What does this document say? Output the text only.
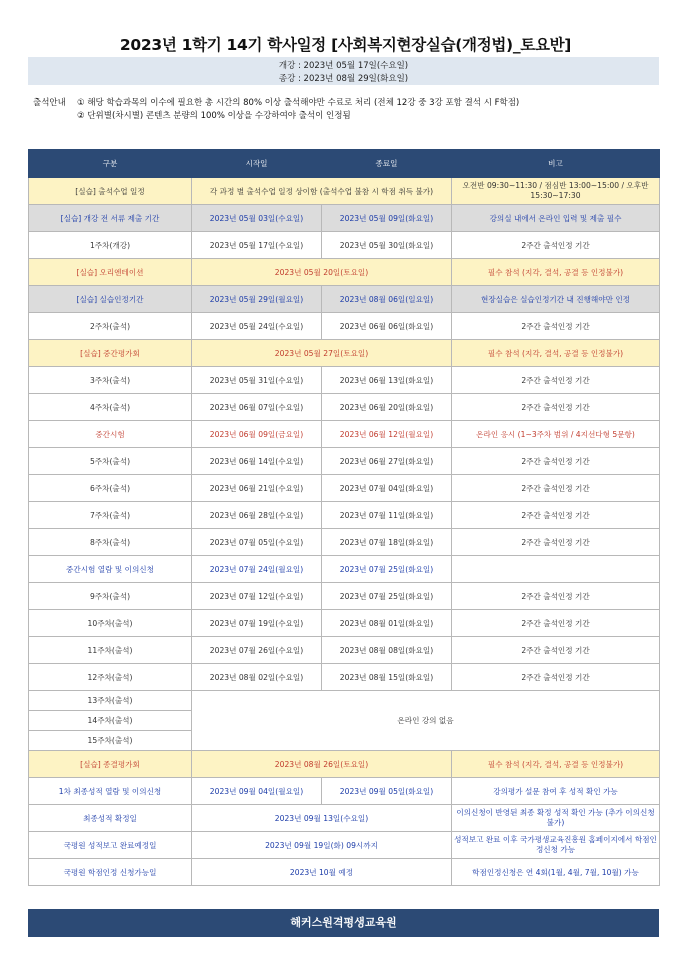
2023년 1학기 14기 학사일정 [사회복지현장실습(개정법)_토요반]
개강 : 2023년 05월 17일(수요일)
종강 : 2023년 08월 29일(화요일)
출석안내 ① 해당 학습과목의 이수에 필요한 총 시간의 80% 이상 출석해야만 수료로 처리 (전체 12강 중 3강 포함 결석 시 F학점)
② 단위별(차시별) 콘텐츠 분량의 100% 이상을 수강하여야 출석이 인정됨
구분	시작일	종료일	비고
[실습] 출석수업 일정	각 과정 별 출석수업 일정 상이함 (출석수업 불참 시 학점 취득 불가)		오전반 09:30~11:30 / 점심반 13:00~15:00 / 오후반 15:30~17:30
[실습] 개강 전 서류 제출 기간	2023년 05월 03일(수요일)	2023년 05월 09일(화요일)	강의실 내에서 온라인 입력 및 제출 필수
1주차(개강)	2023년 05월 17일(수요일)	2023년 05월 30일(화요일)	2주간 출석인정 기간
[실습] 오리엔테이션	2023년 05월 20일(토요일)		필수 참석 (지각, 결석, 공결 등 인정불가)
[실습] 실습인정기간	2023년 05월 29일(월요일)	2023년 08월 06일(일요일)	현장실습은 실습인정기간 내 진행해야만 인정
2주차(출석)	2023년 05월 24일(수요일)	2023년 06월 06일(화요일)	2주간 출석인정 기간
[실습] 중간평가회	2023년 05월 27일(토요일)		필수 참석 (지각, 결석, 공결 등 인정불가)
3주차(출석)	2023년 05월 31일(수요일)	2023년 06월 13일(화요일)	2주간 출석인정 기간
4주차(출석)	2023년 06월 07일(수요일)	2023년 06월 20일(화요일)	2주간 출석인정 기간
중간시험	2023년 06월 09일(금요일)	2023년 06월 12일(월요일)	온라인 응시 (1~3주차 범위 / 4지선다형 5문항)
5주차(출석)	2023년 06월 14일(수요일)	2023년 06월 27일(화요일)	2주간 출석인정 기간
6주차(출석)	2023년 06월 21일(수요일)	2023년 07월 04일(화요일)	2주간 출석인정 기간
7주차(출석)	2023년 06월 28일(수요일)	2023년 07월 11일(화요일)	2주간 출석인정 기간
8주차(출석)	2023년 07월 05일(수요일)	2023년 07월 18일(화요일)	2주간 출석인정 기간
중간시험 열람 및 이의신청	2023년 07월 24일(월요일)	2023년 07월 25일(화요일)	
9주차(출석)	2023년 07월 12일(수요일)	2023년 07월 25일(화요일)	2주간 출석인정 기간
10주차(출석)	2023년 07월 19일(수요일)	2023년 08월 01일(화요일)	2주간 출석인정 기간
11주차(출석)	2023년 07월 26일(수요일)	2023년 08월 08일(화요일)	2주간 출석인정 기간
12주차(출석)	2023년 08월 02일(수요일)	2023년 08월 15일(화요일)	2주간 출석인정 기간
13주차(출석)	온라인 강의 없음		
14주차(출석)			
15주차(출석)			
[실습] 종결평가회	2023년 08월 26일(토요일)		필수 참석 (지각, 결석, 공결 등 인정불가)
1차 최종성적 열람 및 이의신청	2023년 09월 04일(월요일)	2023년 09월 05일(화요일)	강의평가 설문 참여 후 성적 확인 가능
최종성적 확정일	2023년 09월 13일(수요일)		이의신청이 반영된 최종 확정 성적 확인 가능 (추가 이의신청 불가)
국평원 성적보고 완료예정일	2023년 09월 19일(화) 09시까지		성적보고 완료 이후 국가평생교육진흥원 홈페이지에서 학점인정신청 가능
국평원 학점인정 신청가능일	2023년 10월 예정		학점인정신청은 연 4회(1월, 4월, 7월, 10월) 가능
해커스원격평생교육원
